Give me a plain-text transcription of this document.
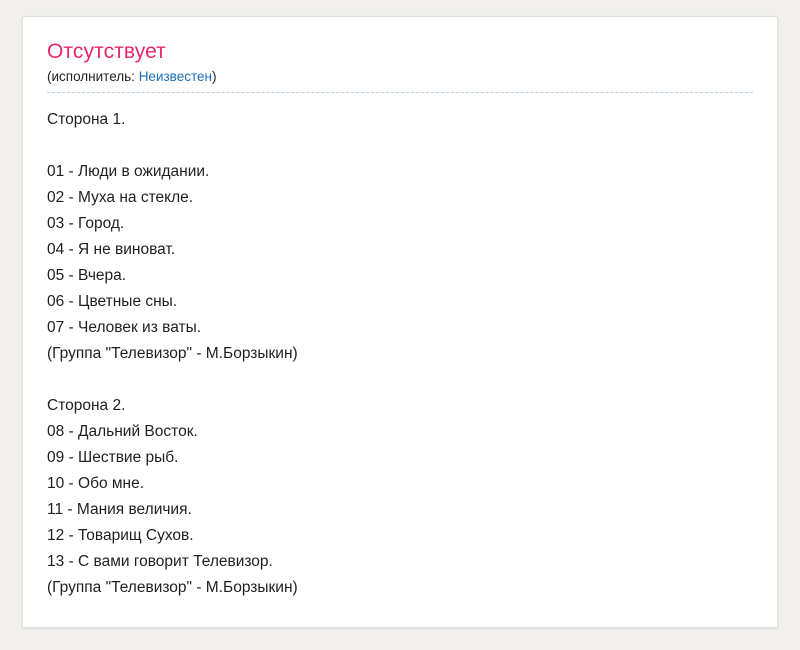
Отсутствует
(исполнитель: Неизвестен)
Сторона 1.

01 - Люди в ожидании.
02 - Муха на стекле.
03 - Город.
04 - Я не виноват.
05 - Вчера.
06 - Цветные сны.
07 - Человек из ваты.
(Группа "Телевизор" - М.Борзыкин)

Сторона 2.
08 - Дальний Восток.
09 - Шествие рыб.
10 - Обо мне.
11 - Мания величия.
12 - Товарищ Сухов.
13 - С вами говорит Телевизор.
(Группа "Телевизор" - М.Борзыкин)
